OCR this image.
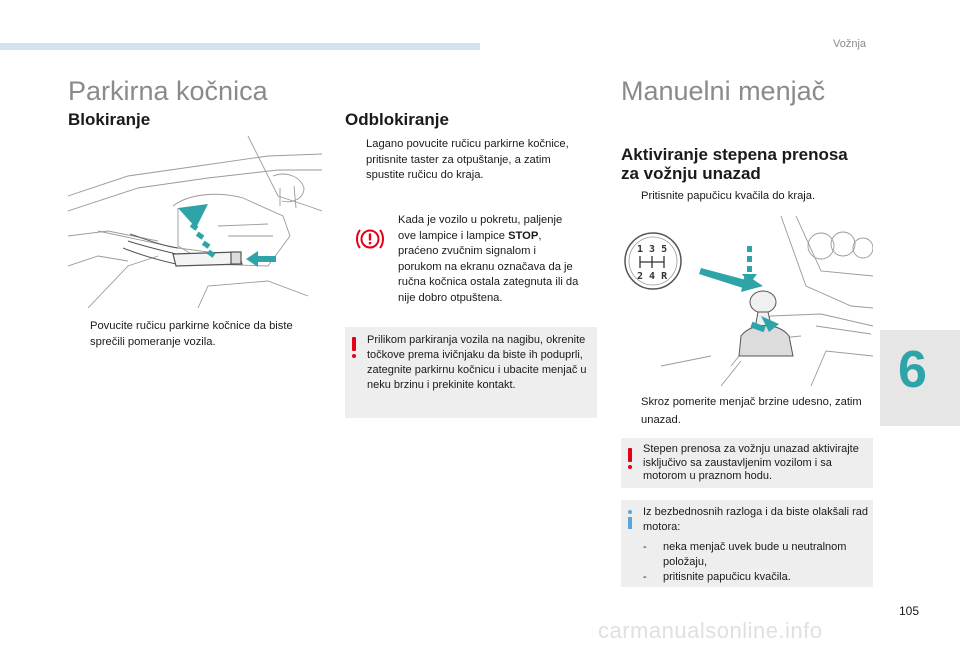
Vožnja
6
105
carmanualsonline.info
Parkirna kočnica
Blokiranje
Povucite ručicu parkirne kočnice da biste sprečili pomeranje vozila.
Odblokiranje
Lagano povucite ručicu parkirne kočnice, pritisnite taster za otpuštanje, a zatim spustite ručicu do kraja.
Kada je vozilo u pokretu, paljenje
ove lampice i lampice STOP,
praćeno zvučnim signalom i
porukom na ekranu označava da je
ručna kočnica ostala zategnuta ili da
nije dobro otpuštena.
Prilikom parkiranja vozila na nagibu, okrenite točkove prema ivičnjaku da biste ih poduprli, zategnite parkirnu kočnicu i ubacite menjač u neku brzinu i prekinite kontakt.
Manuelni menjač
Aktiviranje stepena prenosa
za vožnju unazad
Pritisnite papučicu kvačila do kraja.
1 3 5
2 4 R
Skroz pomerite menjač brzine udesno, zatim unazad.
Stepen prenosa za vožnju unazad aktivirajte isključivo sa zaustavljenim vozilom i sa motorom u praznom hodu.
Iz bezbednosnih razloga i da biste olakšali rad motora:
-	neka menjač uvek bude u neutralnom položaju,
-	pritisnite papučicu kvačila.
